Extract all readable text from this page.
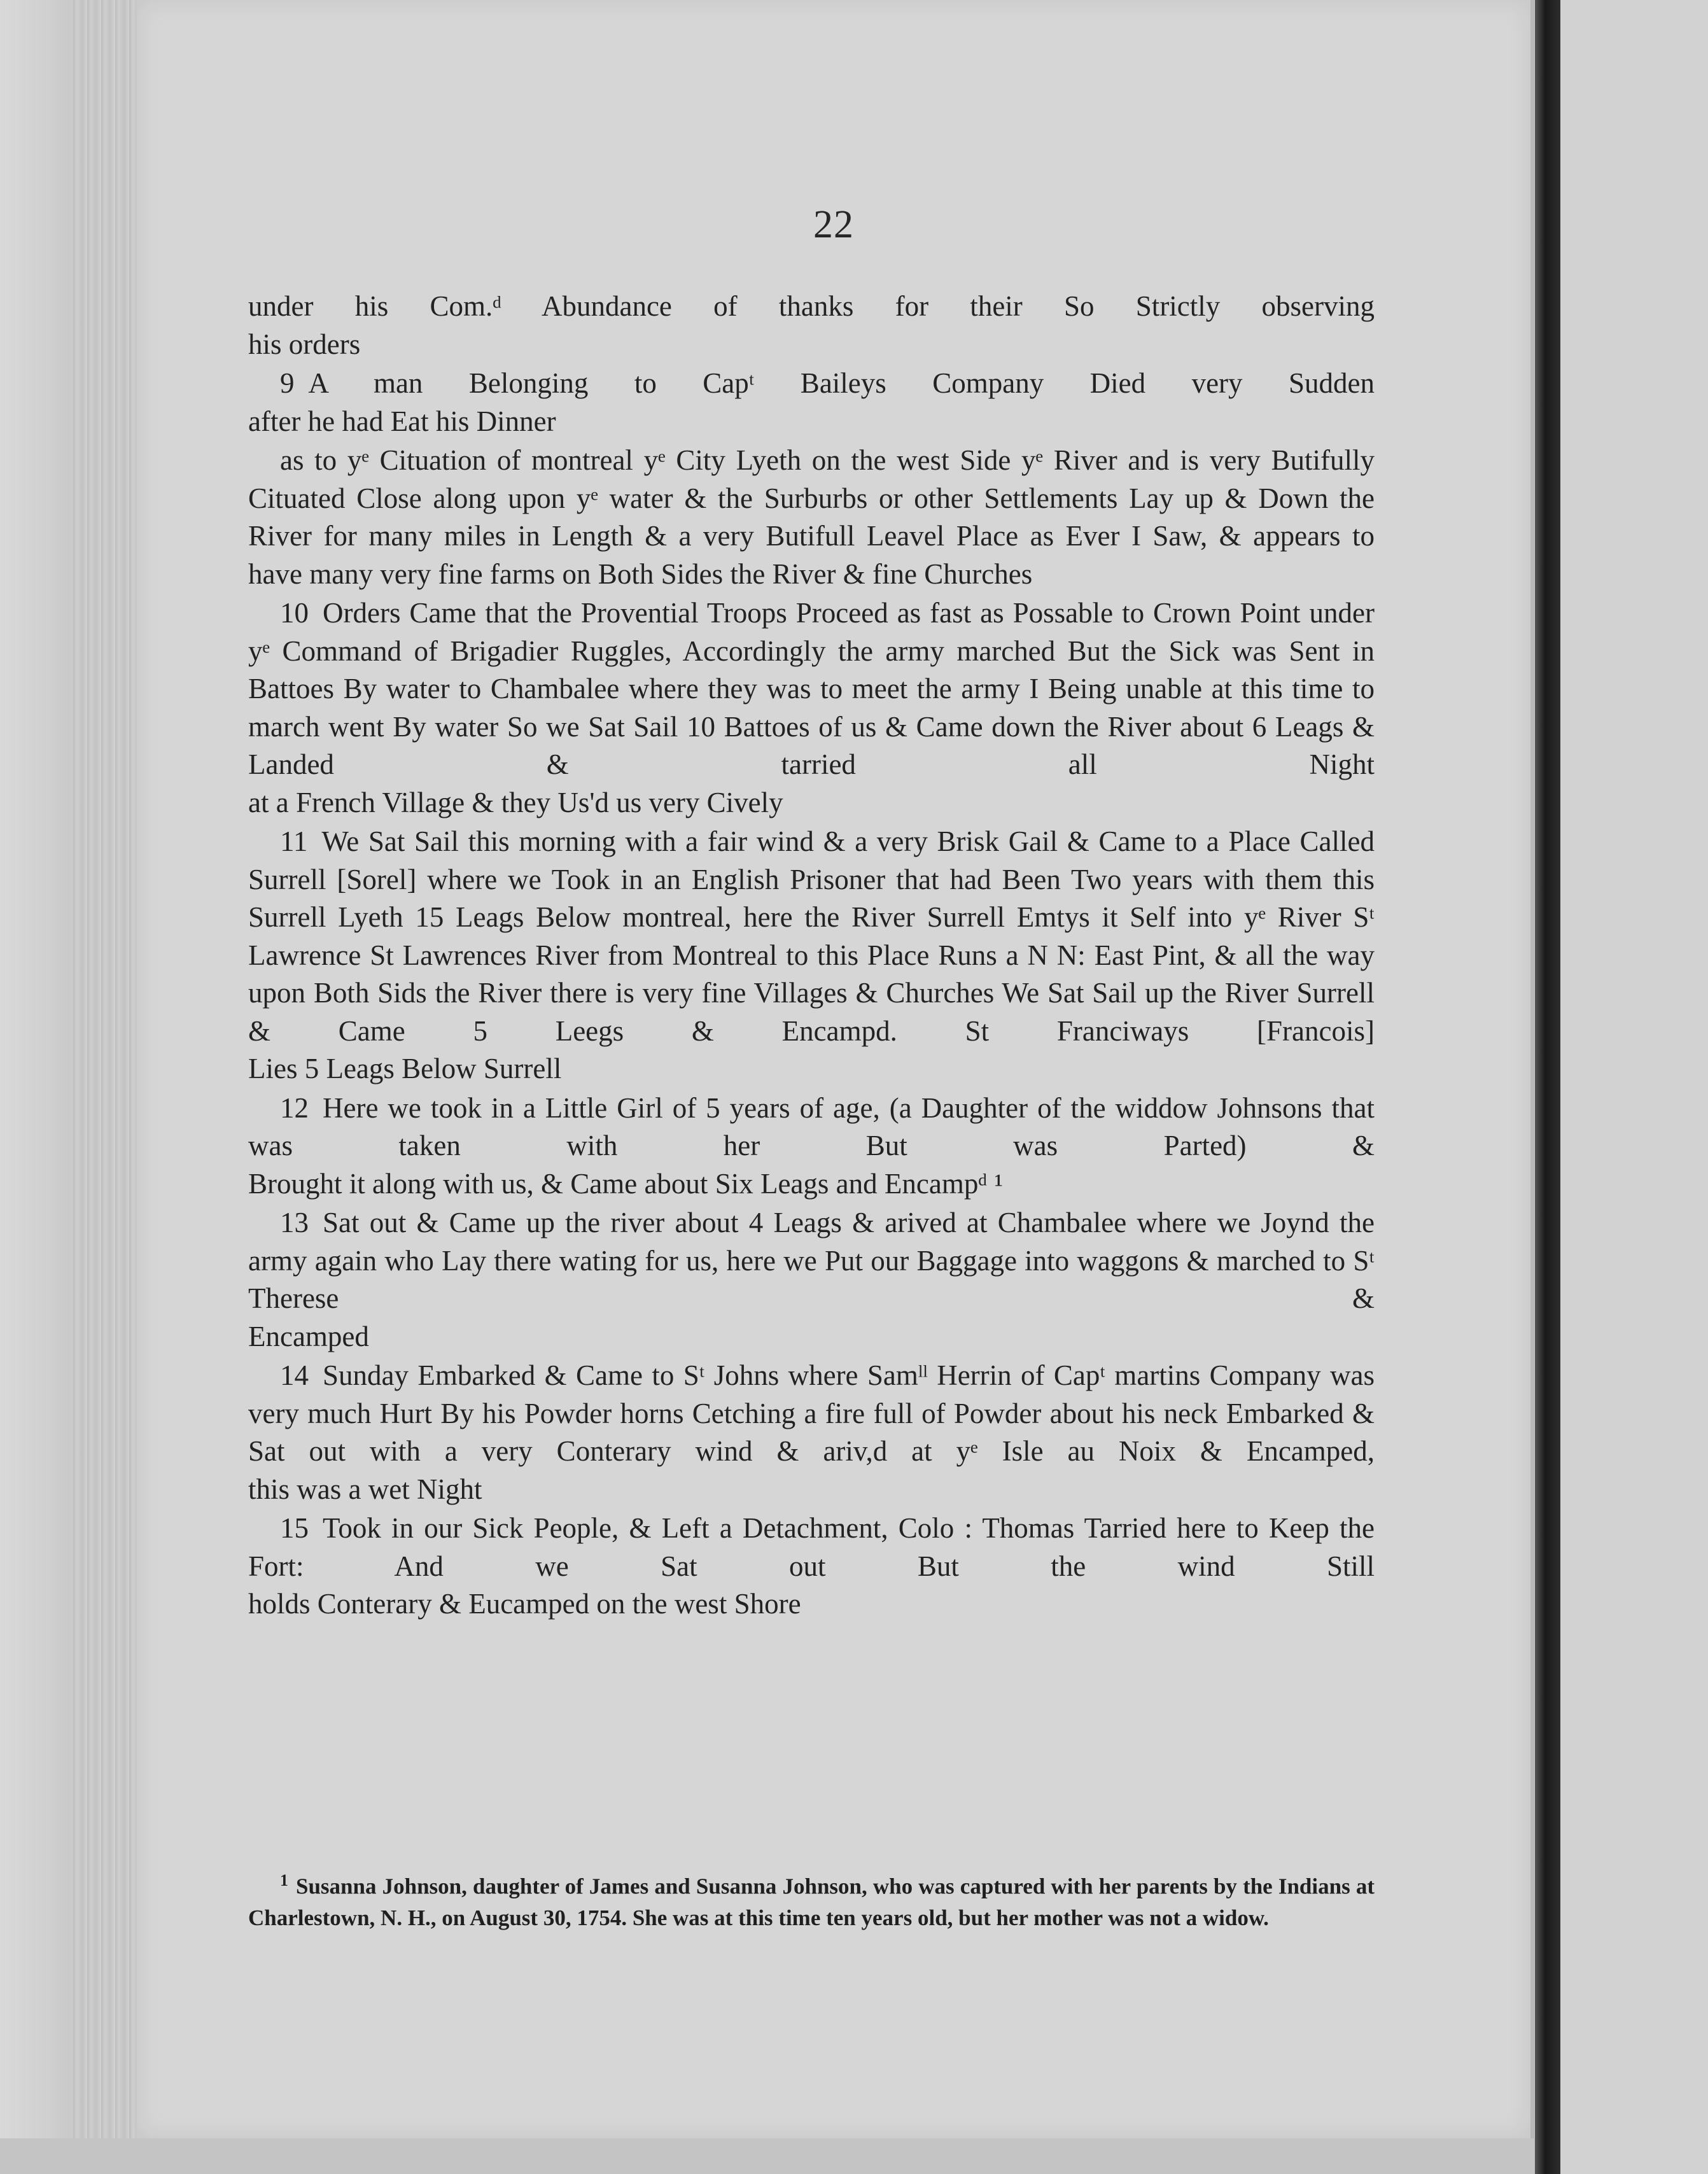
22
under his Com.ᵈ Abundance of thanks for their So Strictly observing
his orders
9 A man Belonging to Capᵗ Baileys Company Died very Sudden
after he had Eat his Dinner
as to yᵉ Cituation of montreal yᵉ City Lyeth on the west Side yᵉ River and is very Butifully Cituated Close along upon yᵉ water & the Surburbs or other Settlements Lay up & Down the River for many miles in Length & a very Butifull Leavel Place as Ever I Saw, & appears to
have many very fine farms on Both Sides the River & fine Churches
10 Orders Came that the Provential Troops Proceed as fast as Possable to Crown Point under yᵉ Command of Brigadier Ruggles, Accordingly the army marched But the Sick was Sent in Battoes By water to Chambalee where they was to meet the army I Being unable at this time to march went By water So we Sat Sail 10 Battoes of us & Came down the River about 6 Leags & Landed & tarried all Night
at a French Village & they Us'd us very Cively
11 We Sat Sail this morning with a fair wind & a very Brisk Gail & Came to a Place Called Surrell [Sorel] where we Took in an English Prisoner that had Been Two years with them this Surrell Lyeth 15 Leags Below montreal, here the River Surrell Emtys it Self into yᵉ River Sᵗ Lawrence St Lawrences River from Montreal to this Place Runs a N N: East Pint, & all the way upon Both Sids the River there is very fine Villages & Churches We Sat Sail up the River Surrell & Came 5 Leegs & Encampd. St Franciways [Francois]
Lies 5 Leags Below Surrell
12 Here we took in a Little Girl of 5 years of age, (a Daughter of the widdow Johnsons that was taken with her But was Parted) &
Brought it along with us, & Came about Six Leags and Encampᵈ ¹
13 Sat out & Came up the river about 4 Leags & arived at Chambalee where we Joynd the army again who Lay there wating for us, here we Put our Baggage into waggons & marched to Sᵗ Therese &
Encamped
14 Sunday Embarked & Came to Sᵗ Johns where Samˡˡ Herrin of Capᵗ martins Company was very much Hurt By his Powder horns Cetching a fire full of Powder about his neck Embarked & Sat out with a very Conterary wind & ariv,d at yᵉ Isle au Noix & Encamped,
this was a wet Night
15 Took in our Sick People, & Left a Detachment, Colo : Thomas Tarried here to Keep the Fort: And we Sat out But the wind Still
holds Conterary & Eucamped on the west Shore
$^1$ Susanna Johnson, daughter of James and Susanna Johnson, who was captured with her parents by the Indians at Charlestown, N. H., on August 30, 1754. She was at this time ten years old, but her mother was not a widow.
